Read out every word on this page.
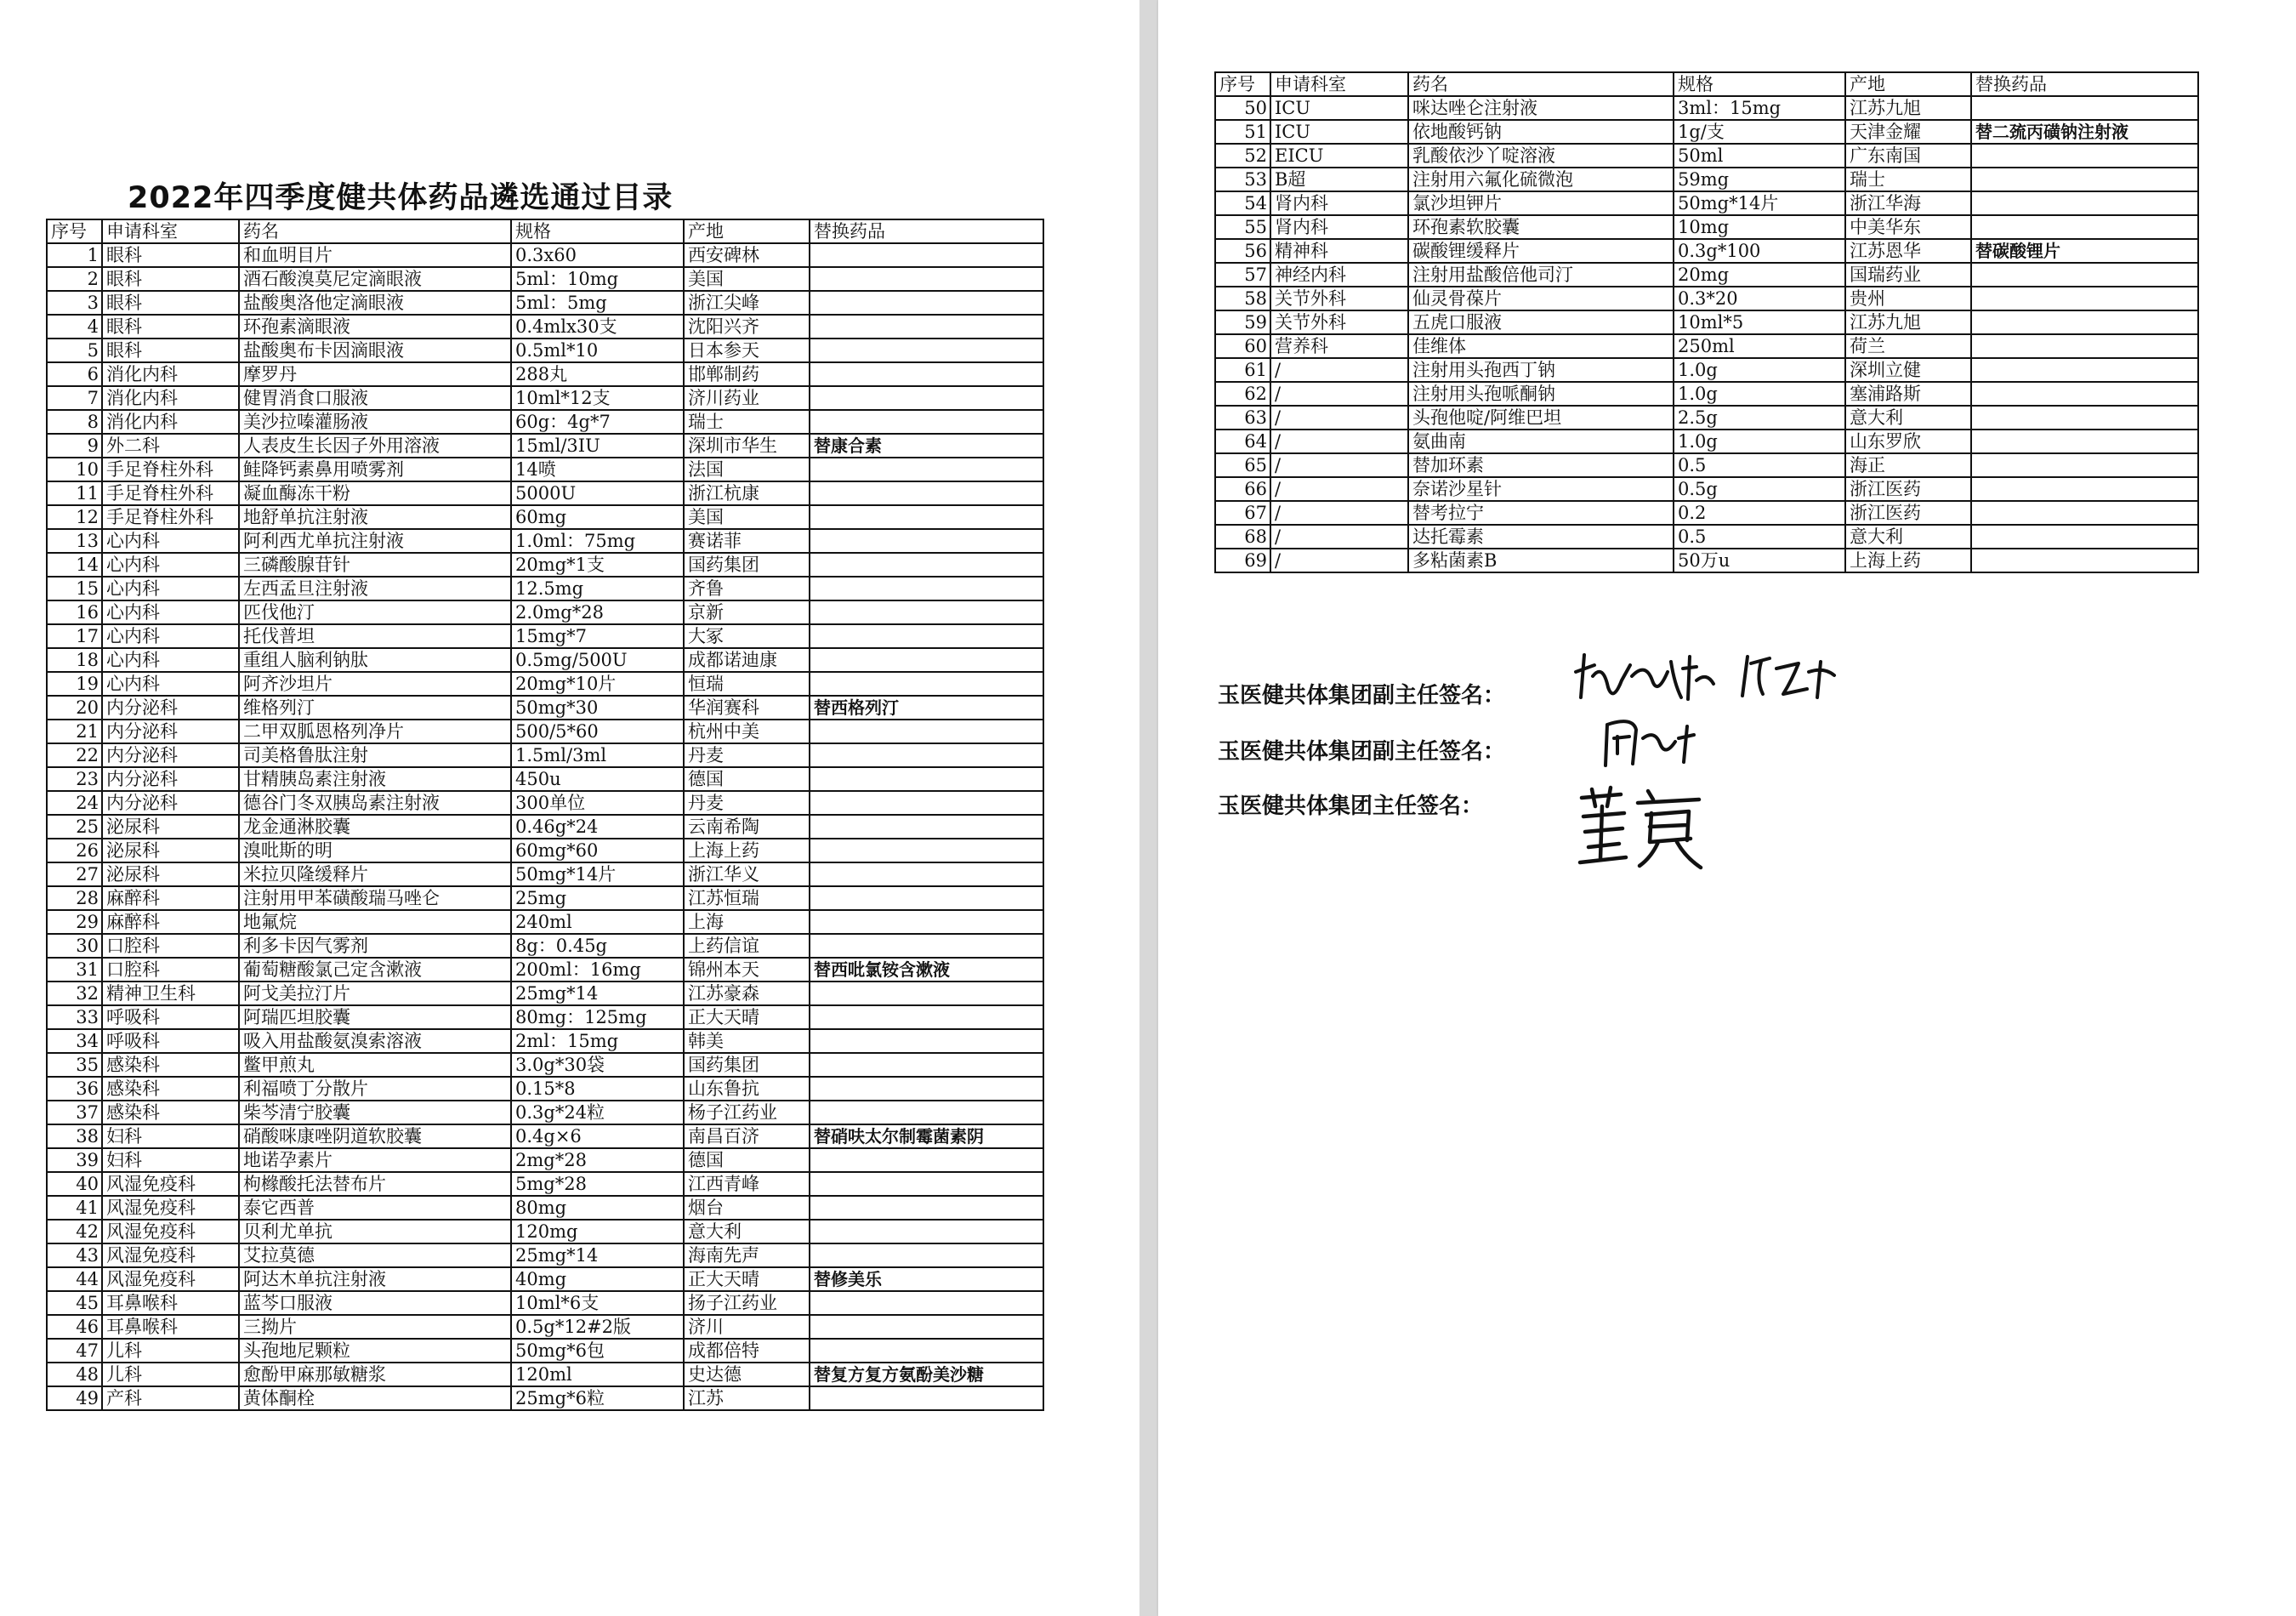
2022年四季度健共体药品遴选通过目录
序号	申请科室	药名	规格	产地	替换药品
1	眼科	和血明目片	0.3x60	西安碑林	
2	眼科	酒石酸溴莫尼定滴眼液	5ml：10mg	美国	
3	眼科	盐酸奥洛他定滴眼液	5ml：5mg	浙江尖峰	
4	眼科	环孢素滴眼液	0.4mlx30支	沈阳兴齐	
5	眼科	盐酸奥布卡因滴眼液	0.5ml*10	日本参天	
6	消化内科	摩罗丹	288丸	邯郸制药	
7	消化内科	健胃消食口服液	10ml*12支	济川药业	
8	消化内科	美沙拉嗪灌肠液	60g：4g*7	瑞士	
9	外二科	人表皮生长因子外用溶液	15ml/3IU	深圳市华生	替康合素
10	手足脊柱外科	鲑降钙素鼻用喷雾剂	14喷	法国	
11	手足脊柱外科	凝血酶冻干粉	5000U	浙江杭康	
12	手足脊柱外科	地舒单抗注射液	60mg	美国	
13	心内科	阿利西尤单抗注射液	1.0ml：75mg	赛诺菲	
14	心内科	三磷酸腺苷针	20mg*1支	国药集团	
15	心内科	左西孟旦注射液	12.5mg	齐鲁	
16	心内科	匹伐他汀	2.0mg*28	京新	
17	心内科	托伐普坦	15mg*7	大冢	
18	心内科	重组人脑利钠肽	0.5mg/500U	成都诺迪康	
19	心内科	阿齐沙坦片	20mg*10片	恒瑞	
20	内分泌科	维格列汀	50mg*30	华润赛科	替西格列汀
21	内分泌科	二甲双胍恩格列净片	500/5*60	杭州中美	
22	内分泌科	司美格鲁肽注射	1.5ml/3ml	丹麦	
23	内分泌科	甘精胰岛素注射液	450u	德国	
24	内分泌科	德谷门冬双胰岛素注射液	300单位	丹麦	
25	泌尿科	龙金通淋胶囊	0.46g*24	云南希陶	
26	泌尿科	溴吡斯的明	60mg*60	上海上药	
27	泌尿科	米拉贝隆缓释片	50mg*14片	浙江华义	
28	麻醉科	注射用甲苯磺酸瑞马唑仑	25mg	江苏恒瑞	
29	麻醉科	地氟烷	240ml	上海	
30	口腔科	利多卡因气雾剂	8g：0.45g	上药信谊	
31	口腔科	葡萄糖酸氯己定含漱液	200ml：16mg	锦州本天	替西吡氯铵含漱液
32	精神卫生科	阿戈美拉汀片	25mg*14	江苏豪森	
33	呼吸科	阿瑞匹坦胶囊	80mg：125mg	正大天晴	
34	呼吸科	吸入用盐酸氨溴索溶液	2ml：15mg	韩美	
35	感染科	鳖甲煎丸	3.0g*30袋	国药集团	
36	感染科	利福喷丁分散片	0.15*8	山东鲁抗	
37	感染科	柴芩清宁胶囊	0.3g*24粒	杨子江药业	
38	妇科	硝酸咪康唑阴道软胶囊	0.4g×6	南昌百济	替硝呋太尔制霉菌素阴
39	妇科	地诺孕素片	2mg*28	德国	
40	风湿免疫科	枸橼酸托法替布片	5mg*28	江西青峰	
41	风湿免疫科	泰它西普	80mg	烟台	
42	风湿免疫科	贝利尤单抗	120mg	意大利	
43	风湿免疫科	艾拉莫德	25mg*14	海南先声	
44	风湿免疫科	阿达木单抗注射液	40mg	正大天晴	替修美乐
45	耳鼻喉科	蓝芩口服液	10ml*6支	扬子江药业	
46	耳鼻喉科	三拗片	0.5g*12#2版	济川	
47	儿科	头孢地尼颗粒	50mg*6包	成都倍特	
48	儿科	愈酚甲麻那敏糖浆	120ml	史达德	替复方复方氨酚美沙糖
49	产科	黄体酮栓	25mg*6粒	江苏	
序号	申请科室	药名	规格	产地	替换药品
50	ICU	咪达唑仑注射液	3ml：15mg	江苏九旭	
51	ICU	依地酸钙钠	1g/支	天津金耀	替二巯丙磺钠注射液
52	EICU	乳酸依沙丫啶溶液	50ml	广东南国	
53	B超	注射用六氟化硫微泡	59mg	瑞士	
54	肾内科	氯沙坦钾片	50mg*14片	浙江华海	
55	肾内科	环孢素软胶囊	10mg	中美华东	
56	精神科	碳酸锂缓释片	0.3g*100	江苏恩华	替碳酸锂片
57	神经内科	注射用盐酸倍他司汀	20mg	国瑞药业	
58	关节外科	仙灵骨葆片	0.3*20	贵州	
59	关节外科	五虎口服液	10ml*5	江苏九旭	
60	营养科	佳维体	250ml	荷兰	
61	/	注射用头孢西丁钠	1.0g	深圳立健	
62	/	注射用头孢哌酮钠	1.0g	塞浦路斯	
63	/	头孢他啶/阿维巴坦	2.5g	意大利	
64	/	氨曲南	1.0g	山东罗欣	
65	/	替加环素	0.5	海正	
66	/	奈诺沙星针	0.5g	浙江医药	
67	/	替考拉宁	0.2	浙江医药	
68	/	达托霉素	0.5	意大利	
69	/	多粘菌素B	50万u	上海上药	
玉医健共体集团副主任签名：
玉医健共体集团副主任签名：
玉医健共体集团主任签名：
